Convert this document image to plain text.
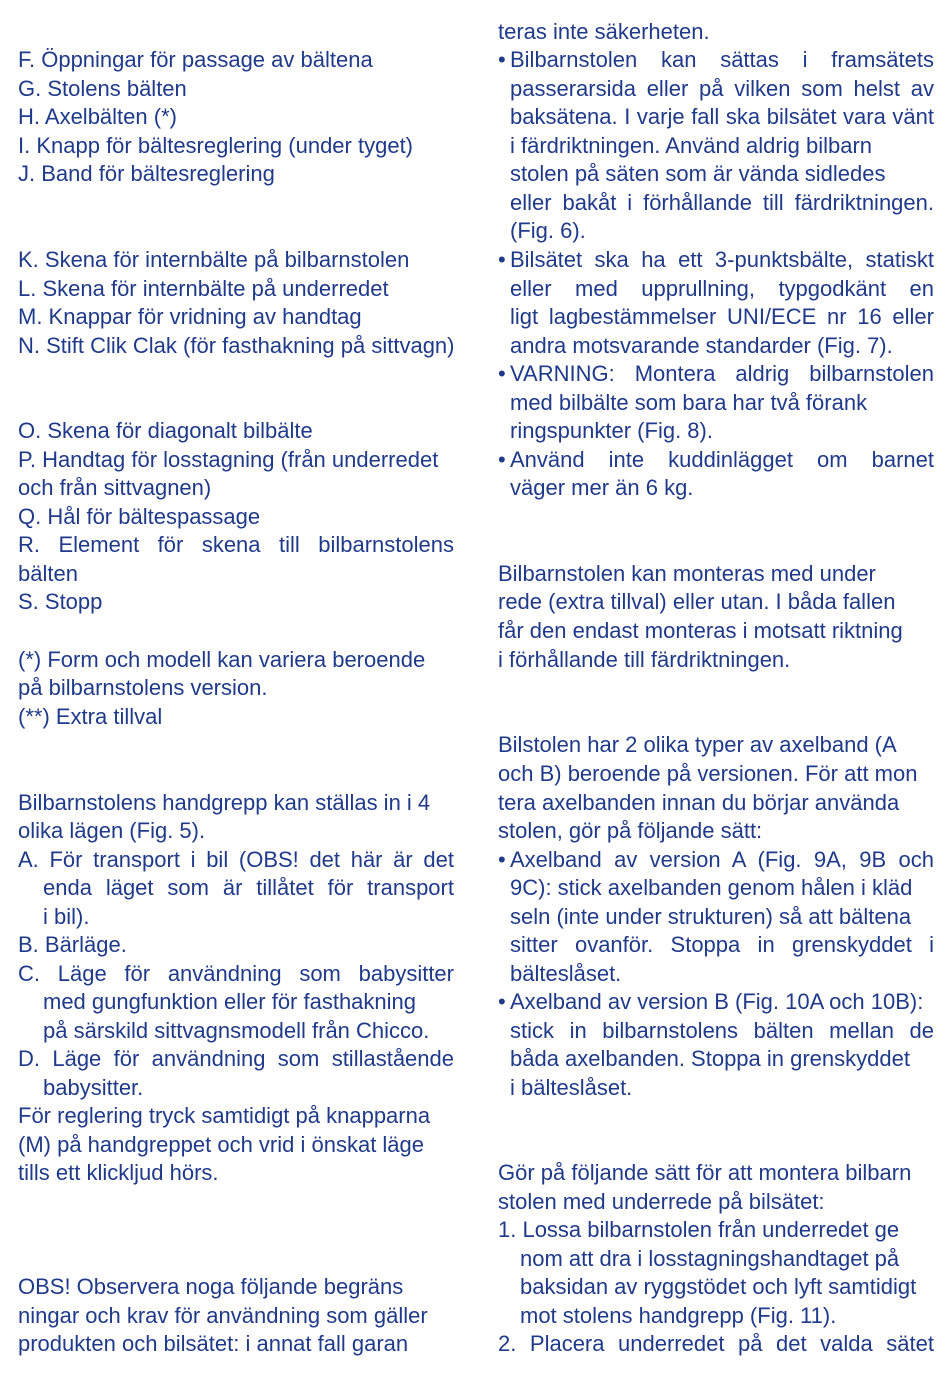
F. Öppningar för passage av bältena
G. Stolens bälten
H. Axelbälten (*)
I. Knapp för bältesreglering (under tyget)
J. Band för bältesreglering
K. Skena för internbälte på bilbarnstolen
L. Skena för internbälte på underredet
M. Knappar för vridning av handtag
N. Stift Clik Clak (för fasthakning på sittvagn)
O. Skena för diagonalt bilbälte
P. Handtag för losstagning (från underredet
och från sittvagnen)
Q. Hål för bältespassage
R. Element för skena till bilbarnstolens
bälten
S. Stopp
(*) Form och modell kan variera beroende
på bilbarnstolens version.
(**) Extra tillval
Bilbarnstolens handgrepp kan ställas in i 4
olika lägen (Fig. 5).
A. För transport i bil (OBS! det här är det
enda läget som är tillåtet för transport
i bil).
B. Bärläge.
C. Läge för användning som babysitter
med gungfunktion eller för fasthakning
på särskild sittvagnsmodell från Chicco.
D. Läge för användning som stillastående
babysitter.
För reglering tryck samtidigt på knapparna
(M) på handgreppet och vrid i önskat läge
tills ett klickljud hörs.
OBS! Observera noga följande begräns
ningar och krav för användning som gäller
produkten och bilsätet: i annat fall garan
teras inte säkerheten.
• Bilbarnstolen kan sättas i framsätets
passerarsida eller på vilken som helst av
baksätena. I varje fall ska bilsätet vara vänt
i färdriktningen. Använd aldrig bilbarn
stolen på säten som är vända sidledes
eller bakåt i förhållande till färdriktningen.
(Fig. 6).
• Bilsätet ska ha ett 3-punktsbälte, statiskt
eller med upprullning, typgodkänt en
ligt lagbestämmelser UNI/ECE nr 16 eller
andra motsvarande standarder (Fig. 7).
• VARNING: Montera aldrig bilbarnstolen
med bilbälte som bara har två förank
ringspunkter (Fig. 8).
• Använd inte kuddinlägget om barnet
väger mer än 6 kg.
Bilbarnstolen kan monteras med under
rede (extra tillval) eller utan. I båda fallen
får den endast monteras i motsatt riktning
i förhållande till färdriktningen.
Bilstolen har 2 olika typer av axelband (A
och B) beroende på versionen. För att mon
tera axelbanden innan du börjar använda
stolen, gör på följande sätt:
• Axelband av version A (Fig. 9A, 9B och
9C): stick axelbanden genom hålen i kläd
seln (inte under strukturen) så att bältena
sitter ovanför. Stoppa in grenskyddet i
bälteslåset.
• Axelband av version B (Fig. 10A och 10B):
stick in bilbarnstolens bälten mellan de
båda axelbanden. Stoppa in grenskyddet
i bälteslåset.
Gör på följande sätt för att montera bilbarn
stolen med underrede på bilsätet:
1. Lossa bilbarnstolen från underredet ge
nom att dra i losstagningshandtaget på
baksidan av ryggstödet och lyft samtidigt
mot stolens handgrepp (Fig. 11).
2. Placera underredet på det valda sätet
